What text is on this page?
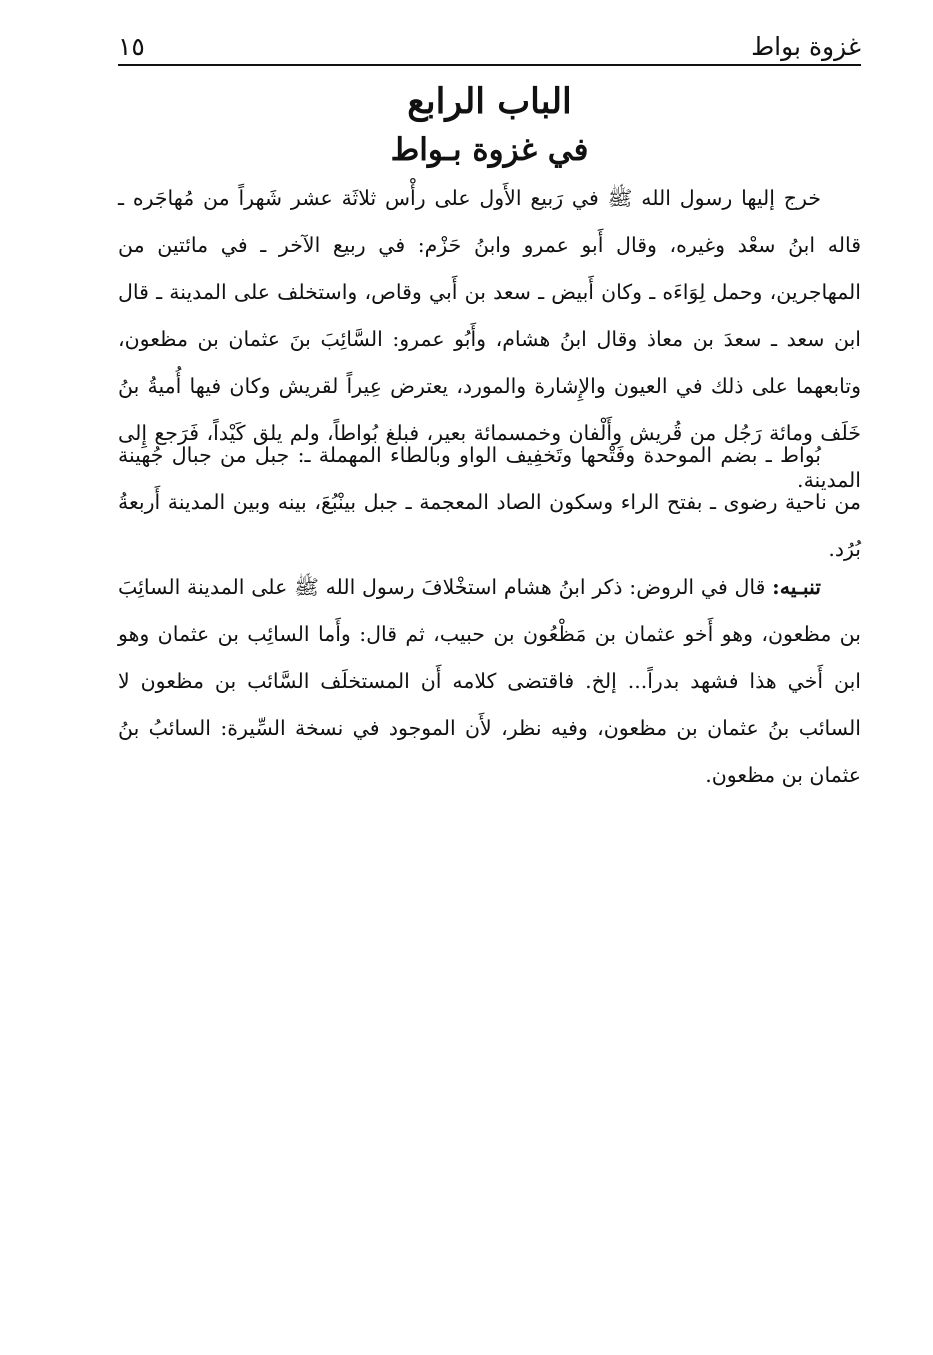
غزوة بواط
١٥
الباب الرابع
في غزوة بـواط

خرج إليها رسول الله ﷺ في رَبيع الأَول على رأْس ثلاثَة عشر شَهراً من مُهاجَره ـ قاله ابنُ سعْد وغيره، وقال أَبو عمرو وابنُ حَزْم: في ربيع الآخر ـ في مائتين من المهاجرين، وحمل لِوَاءَه ـ وكان أَبيض ـ سعد بن أَبي وقاص، واستخلف على المدينة ـ قال ابن سعد ـ سعدَ بن معاذ وقال ابنُ هشام، وأَبُو عمرو: السَّائِبَ بنَ عثمان بن مظعون، وتابعهما على ذلك في العيون والإِشارة والمورد، يعترض عِيراً لقريش وكان فيها أُميةُ بنُ خَلَف ومائة رَجُل من قُريش وأَلْفان وخمسمائة بعير، فبلغ بُواطاً، ولم يلق كَيْداً، فَرَجع إِلى المدينة.

بُواط ـ بضم الموحدة وفَتْحها وتَخفِيف الواو وبالطاء المهملة ـ: جبل من جبال جُهينة من ناحية رضوى ـ بفتح الراء وسكون الصاد المعجمة ـ جبل بينْبُعَ، بينه وبين المدينة أَربعةُ بُرُد.

تنبـيه: قال في الروض: ذكر ابنُ هشام استخْلافَ رسول الله ﷺ على المدينة السائِبَ بن مظعون، وهو أَخو عثمان بن مَظْعُون بن حبيب، ثم قال: وأَما السائِب بن عثمان وهو ابن أَخي هذا فشهد بدراً... إلخ. فاقتضى كلامه أَن المستخلَف السَّائب بن مظعون لا السائب بنُ عثمان بن مظعون، وفيه نظر، لأَن الموجود في نسخة السِّيرة: السائبُ بنُ عثمان بن مظعون.
